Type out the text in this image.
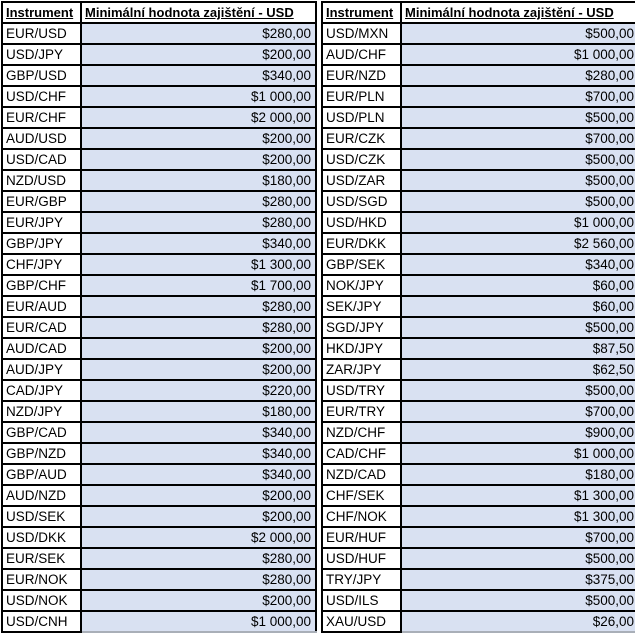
Instrument	Minimální hodnota zajištění - USD
EUR/USD	$280,00
USD/JPY	$200,00
GBP/USD	$340,00
USD/CHF	$1 000,00
EUR/CHF	$2 000,00
AUD/USD	$200,00
USD/CAD	$200,00
NZD/USD	$180,00
EUR/GBP	$280,00
EUR/JPY	$280,00
GBP/JPY	$340,00
CHF/JPY	$1 300,00
GBP/CHF	$1 700,00
EUR/AUD	$280,00
EUR/CAD	$280,00
AUD/CAD	$200,00
AUD/JPY	$200,00
CAD/JPY	$220,00
NZD/JPY	$180,00
GBP/CAD	$340,00
GBP/NZD	$340,00
GBP/AUD	$340,00
AUD/NZD	$200,00
USD/SEK	$200,00
USD/DKK	$2 000,00
EUR/SEK	$280,00
EUR/NOK	$280,00
USD/NOK	$200,00
USD/CNH	$1 000,00
Instrument	Minimální hodnota zajištění - USD
USD/MXN	$500,00
AUD/CHF	$1 000,00
EUR/NZD	$280,00
EUR/PLN	$700,00
USD/PLN	$500,00
EUR/CZK	$700,00
USD/CZK	$500,00
USD/ZAR	$500,00
USD/SGD	$500,00
USD/HKD	$1 000,00
EUR/DKK	$2 560,00
GBP/SEK	$340,00
NOK/JPY	$60,00
SEK/JPY	$60,00
SGD/JPY	$500,00
HKD/JPY	$87,50
ZAR/JPY	$62,50
USD/TRY	$500,00
EUR/TRY	$700,00
NZD/CHF	$900,00
CAD/CHF	$1 000,00
NZD/CAD	$180,00
CHF/SEK	$1 300,00
CHF/NOK	$1 300,00
EUR/HUF	$700,00
USD/HUF	$500,00
TRY/JPY	$375,00
USD/ILS	$500,00
XAU/USD	$26,00
